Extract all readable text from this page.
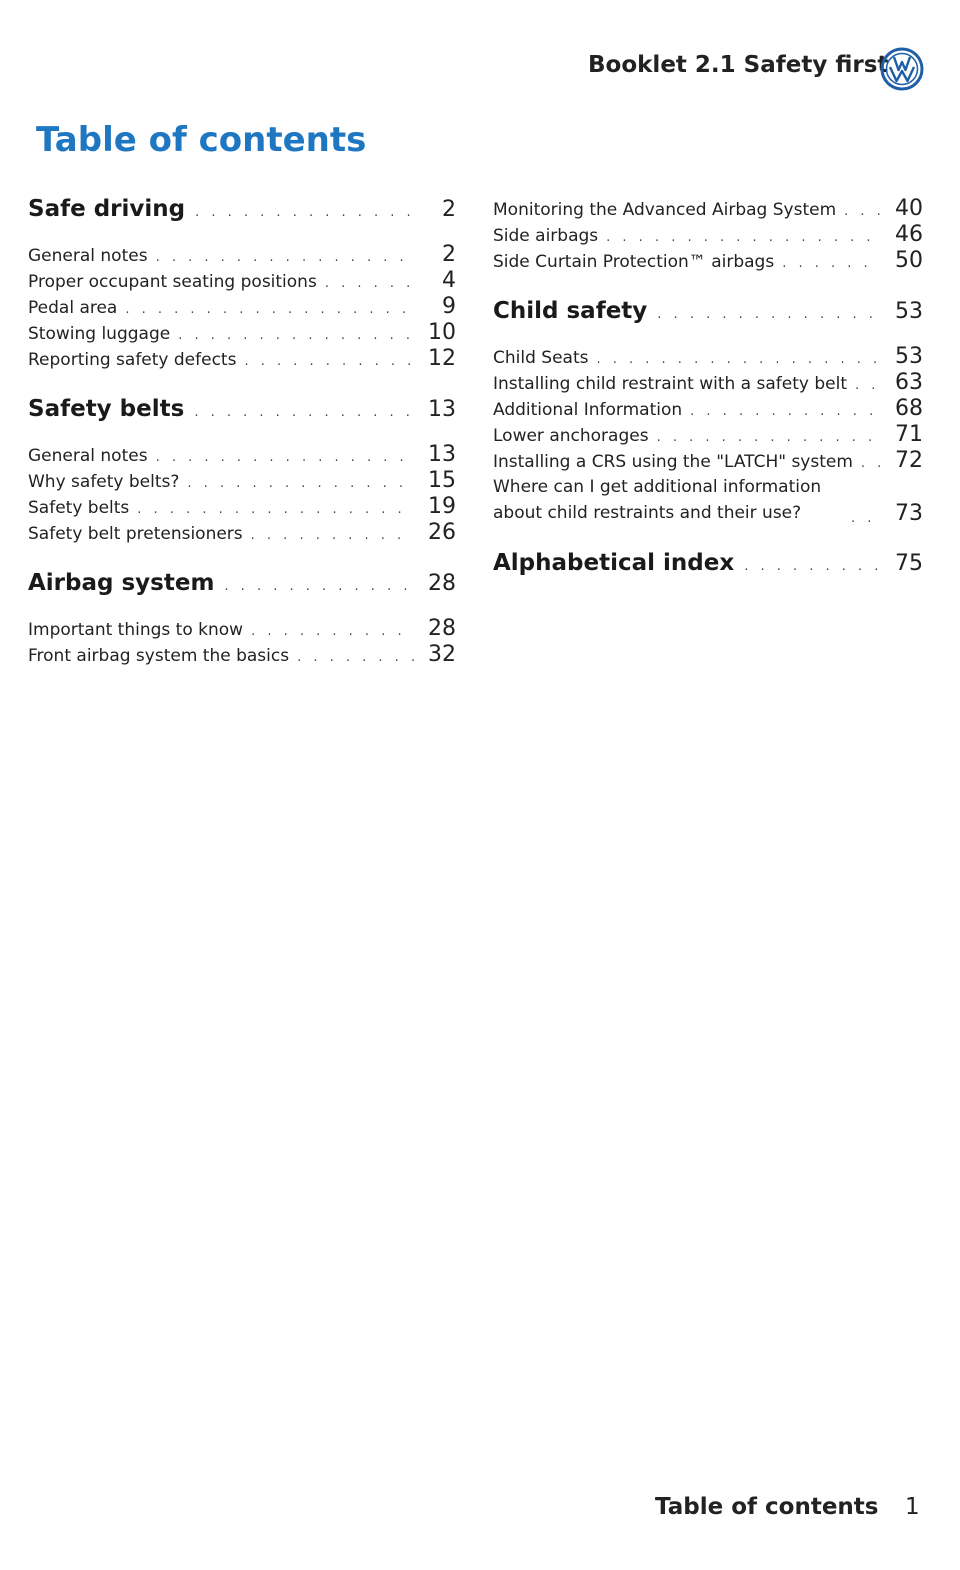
Booklet 2.1 Safety first
Table of contents
Safe driving . . .	2
General notes . . .	2
Proper occupant seating positions . . .	4
Pedal area . . .	9
Stowing luggage . . .	10
Reporting safety defects . . .	12
Safety belts . . .	13
General notes . . .	13
Why safety belts? . . .	15
Safety belts . . .	19
Safety belt pretensioners . . .	26
Airbag system . . .	28
Important things to know . . .	28
Front airbag system the basics . . .	32
Monitoring the Advanced Airbag System . . .	40
Side airbags . . .	46
Side Curtain Protection™ airbags . . .	50
Child safety . . .	53
Child Seats . . .	53
Installing child restraint with a safety belt . . .	63
Additional Information . . .	68
Lower anchorages . . .	71
Installing a CRS using the "LATCH" system . . .	72
Where can I get additional information about child restraints and their use? . . .	73
Alphabetical index . . .	75
Table of contents 1
